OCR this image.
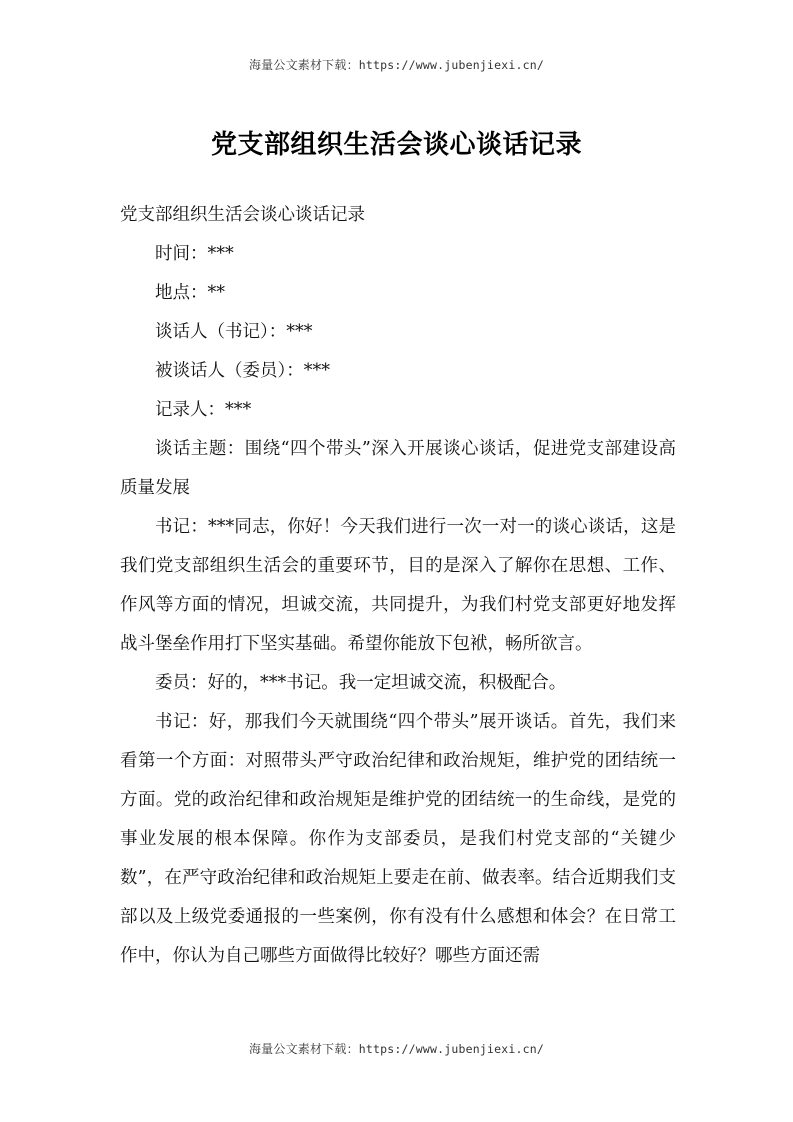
海量公文素材下载：https://www.jubenjiexi.cn/
党支部组织生活会谈心谈话记录

党支部组织生活会谈心谈话记录

时间：***

地点：**

谈话人（书记）：***

被谈话人（委员）：***

记录人：***

谈话主题：围绕“四个带头”深入开展谈心谈话，促进党支部建设高质量发展

书记：***同志，你好！今天我们进行一次一对一的谈心谈话，这是我们党支部组织生活会的重要环节，目的是深入了解你在思想、工作、作风等方面的情况，坦诚交流，共同提升，为我们村党支部更好地发挥战斗堡垒作用打下坚实基础。希望你能放下包袱，畅所欲言。

委员：好的，***书记。我一定坦诚交流，积极配合。

书记：好，那我们今天就围绕“四个带头”展开谈话。首先，我们来看第一个方面：对照带头严守政治纪律和政治规矩，维护党的团结统一方面。党的政治纪律和政治规矩是维护党的团结统一的生命线，是党的事业发展的根本保障。你作为支部委员，是我们村党支部的“关键少数”，在严守政治纪律和政治规矩上要走在前、做表率。结合近期我们支部以及上级党委通报的一些案例，你有没有什么感想和体会？在日常工作中，你认为自己哪些方面做得比较好？哪些方面还需

海量公文素材下载：https://www.jubenjiexi.cn/
